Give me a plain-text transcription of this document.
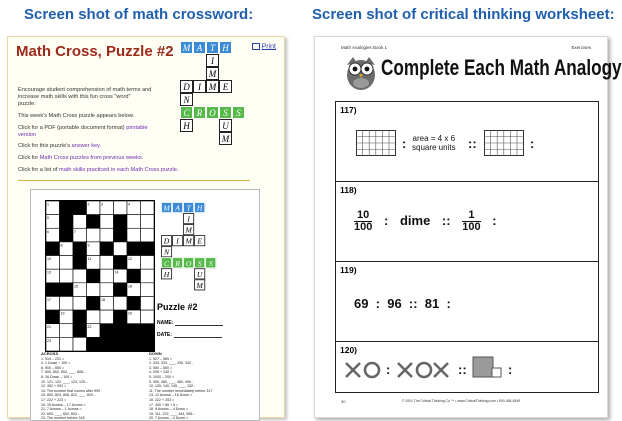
Screen shot of math crossword:	Screen shot of critical thinking worksheet:
Math Cross, Puzzle #2	Print
M A T H
I
M
D I M E
N
C R O S S
H	U
M
Encourage student comprehension of math terms and
increase math skills with this fun cross "word"
puzzle.
This week's Math Cross puzzle appears below.
Click for a PDF (portable document format) printable
version
Click for this puzzle's answer key.
Click for Math Cross puzzles from previous weeks.
Click for a list of math skills practiced in each Math Cross puzzle.
1	2	3	4
5
6	7
8	9
10	11	12
13	14
15	16
17	18
19	20
21	22
23
M A T H
I
M
D I M E
N
C R O S S
H	U
M
Puzzle #2
NAME:
DATE:
ACROSS
1. 514 – 231 =
4. 1 Down ÷ 100 =
6. 900 – 660 =
7. 800, 802, 804, ___, 808...
8. 16 Down – 100 =
10. 121, 122, ___, 124, 125...
12. 452 + 993 =
14. The number that comes after 999
15. 800, 804, 808, 812, ___, 820...
17. 222 + 223 =
19. 15 Across – 17 Across =
21. 7 Across – 1 Across =
22. 600, ___, 602, 603...
23. The number before 318
DOWN
1. 527 – 589 =
2. 333, 333, ___, 339, 342...
3. 550 – 500 =
4. 299 + 240 =
5. 1000 – 200 =
9. 450, 460, ___, 480, 490...
10. 135, 140, 145, ___, 152...
11. The number immediately before 317
13. 12 Across – 16 Down =
16. 222 + 253 =
17. 400 + 80 + 6 =
18. 8 Across – 4 Down =
19. 111, 222, ___, 444, 555...
20. 7 Across – 4 Down =
Math Analogies Book 1	Exercises
Complete Each Math Analogy
117)
: area = 4 x 6
square units ::	:
118)
$\frac{10}{100}$ : dime :: $\frac{1}{100}$ :
119)
69  :  96  ::  81  :
120)
:	::	:
30	© 2001 The Critical Thinking Co.™ • www.CriticalThinking.com • 800-458-4849
